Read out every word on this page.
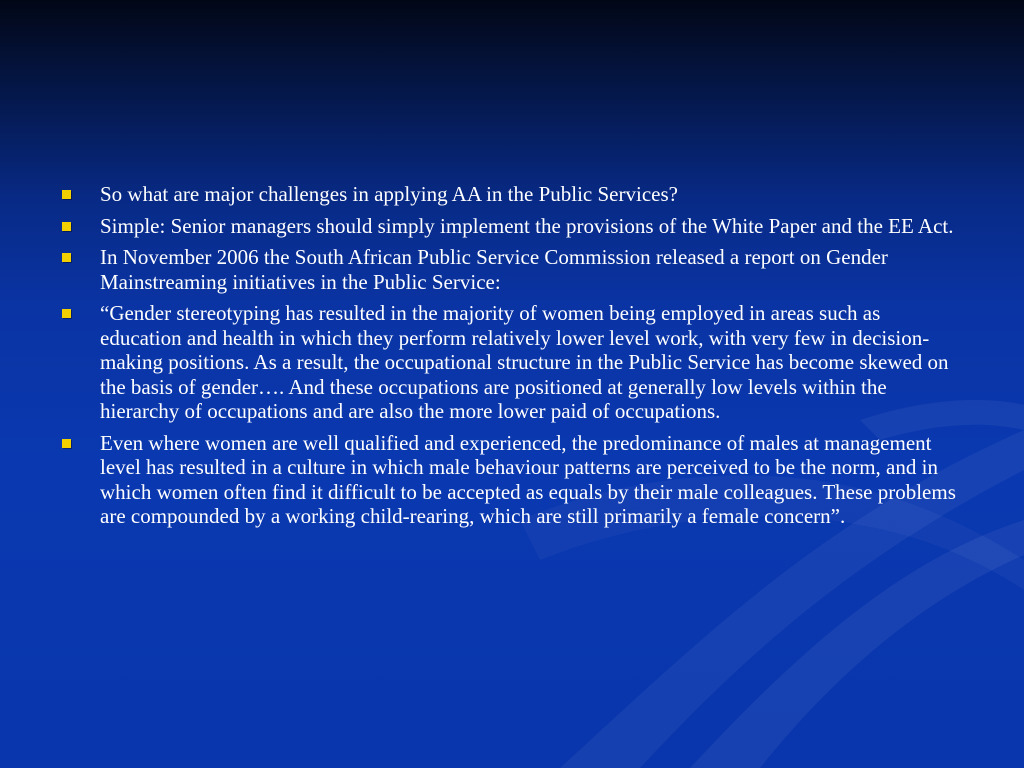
So what are major challenges in applying AA in the Public Services?
Simple: Senior managers should simply implement the provisions of the White Paper and the EE Act.
In November 2006 the South African Public Service Commission released a report on Gender Mainstreaming initiatives in the Public Service:
“Gender stereotyping has resulted in the majority of women being employed in areas such as education and health in which they perform relatively lower level work, with very few in decision-making positions. As a result, the occupational structure in the Public Service has become skewed on the basis of gender…. And these occupations are positioned at generally low levels within the hierarchy of occupations and are also the more lower paid of occupations.
Even where women are well qualified and experienced, the predominance of males at management level has resulted in a culture in which male behaviour patterns are perceived to be the norm, and in which women often find it difficult to be accepted as equals by their male colleagues. These problems are compounded by a working child-rearing, which are still primarily a female concern”.
